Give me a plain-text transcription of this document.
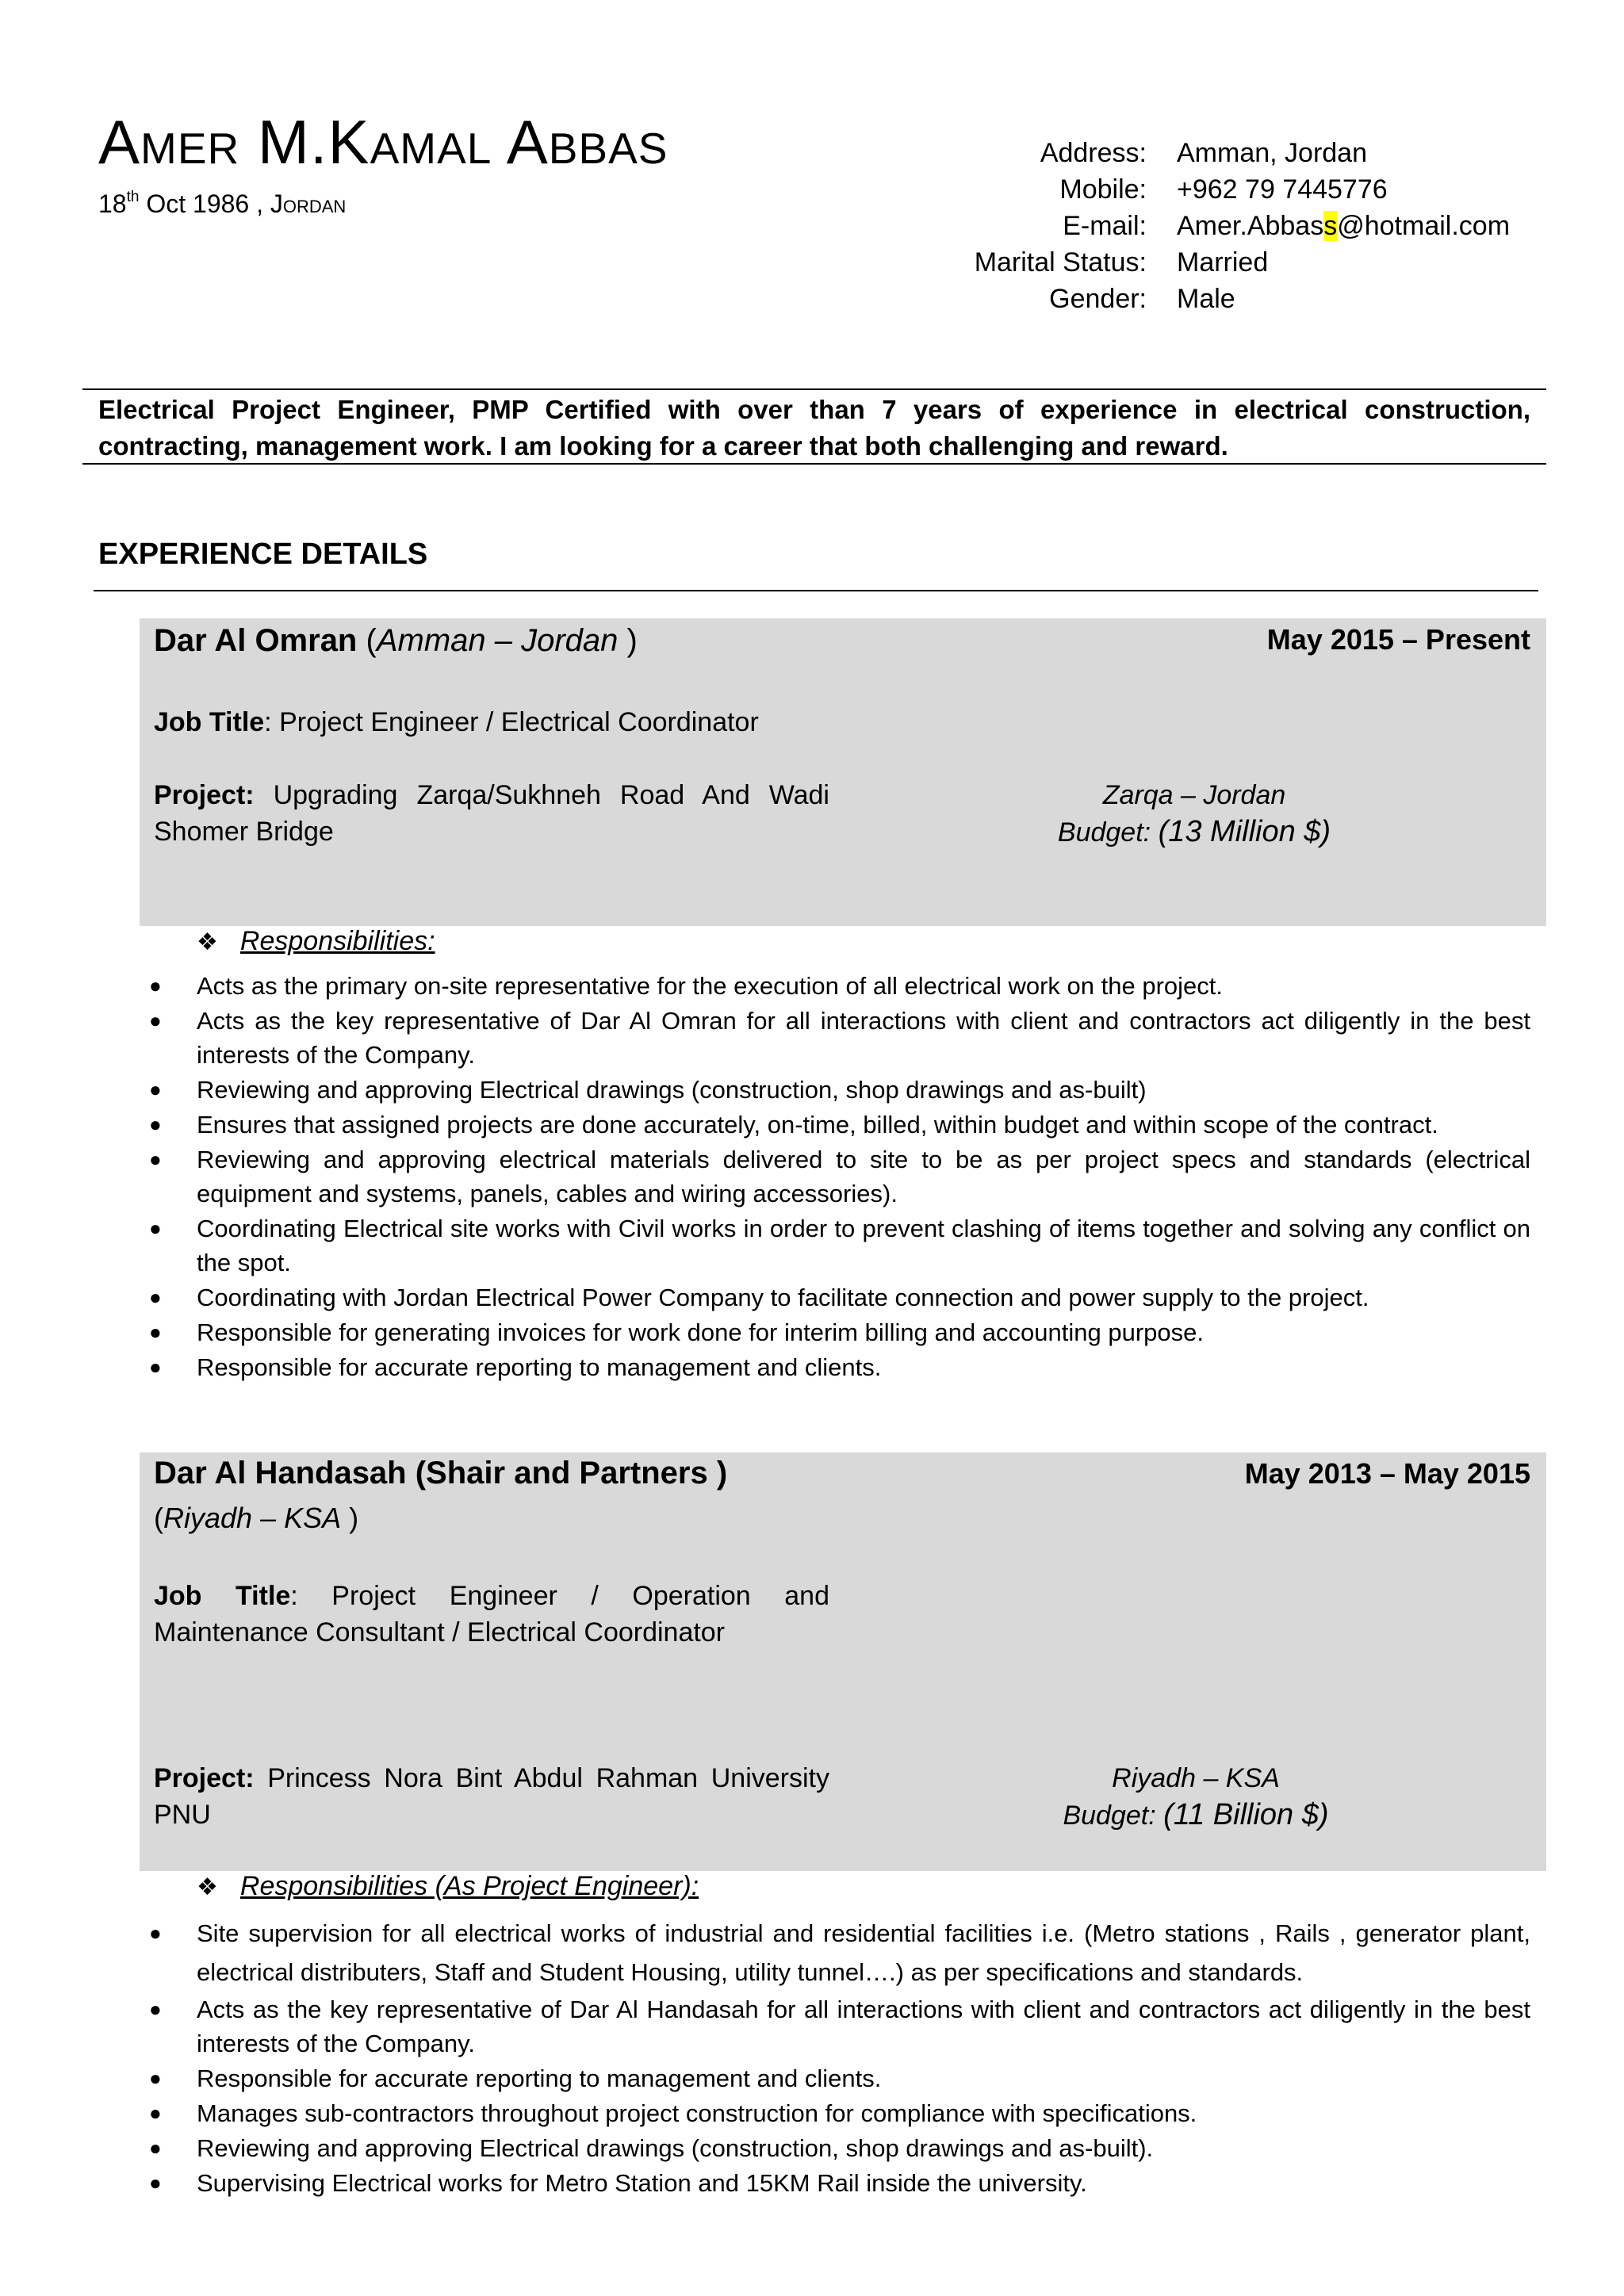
Amer M.Kamal Abbas
18th Oct 1986 , Jordan
Address:	Amman, Jordan
Mobile:	+962 79 7445776
E-mail:	Amer.Abbass@hotmail.com
Marital Status:	Married
Gender:	Male
Electrical Project Engineer, PMP Certified with over than 7 years of experience in electrical construction, contracting, management work. I am looking for a career that both challenging and reward.
EXPERIENCE DETAILS
Dar Al Omran (Amman – Jordan )	May 2015 – Present
Job Title: Project Engineer / Electrical Coordinator
Project: Upgrading Zarqa/Sukhneh Road And Wadi Shomer Bridge
Zarqa – Jordan
Budget: (13 Million $)
❖ Responsibilities:
● Acts as the primary on-site representative for the execution of all electrical work on the project.
● Acts as the key representative of Dar Al Omran for all interactions with client and contractors act diligently in the best interests of the Company.
● Reviewing and approving Electrical drawings (construction, shop drawings and as-built)
● Ensures that assigned projects are done accurately, on-time, billed, within budget and within scope of the contract.
● Reviewing and approving electrical materials delivered to site to be as per project specs and standards (electrical equipment and systems, panels, cables and wiring accessories).
● Coordinating Electrical site works with Civil works in order to prevent clashing of items together and solving any conflict on the spot.
● Coordinating with Jordan Electrical Power Company to facilitate connection and power supply to the project.
● Responsible for generating invoices for work done for interim billing and accounting purpose.
● Responsible for accurate reporting to management and clients.
Dar Al Handasah (Shair and Partners )
(Riyadh – KSA )
May 2013 – May 2015
Job Title: Project Engineer / Operation and Maintenance Consultant / Electrical Coordinator
Project: Princess Nora Bint Abdul Rahman University PNU
Riyadh – KSA
Budget: (11 Billion $)
❖ Responsibilities (As Project Engineer):
● Site supervision for all electrical works of industrial and residential facilities i.e. (Metro stations , Rails , generator plant, electrical distributers, Staff and Student Housing, utility tunnel….) as per specifications and standards.
● Acts as the key representative of Dar Al Handasah for all interactions with client and contractors act diligently in the best interests of the Company.
● Responsible for accurate reporting to management and clients.
● Manages sub-contractors throughout project construction for compliance with specifications.
● Reviewing and approving Electrical drawings (construction, shop drawings and as-built).
● Supervising Electrical works for Metro Station and 15KM Rail inside the university.
